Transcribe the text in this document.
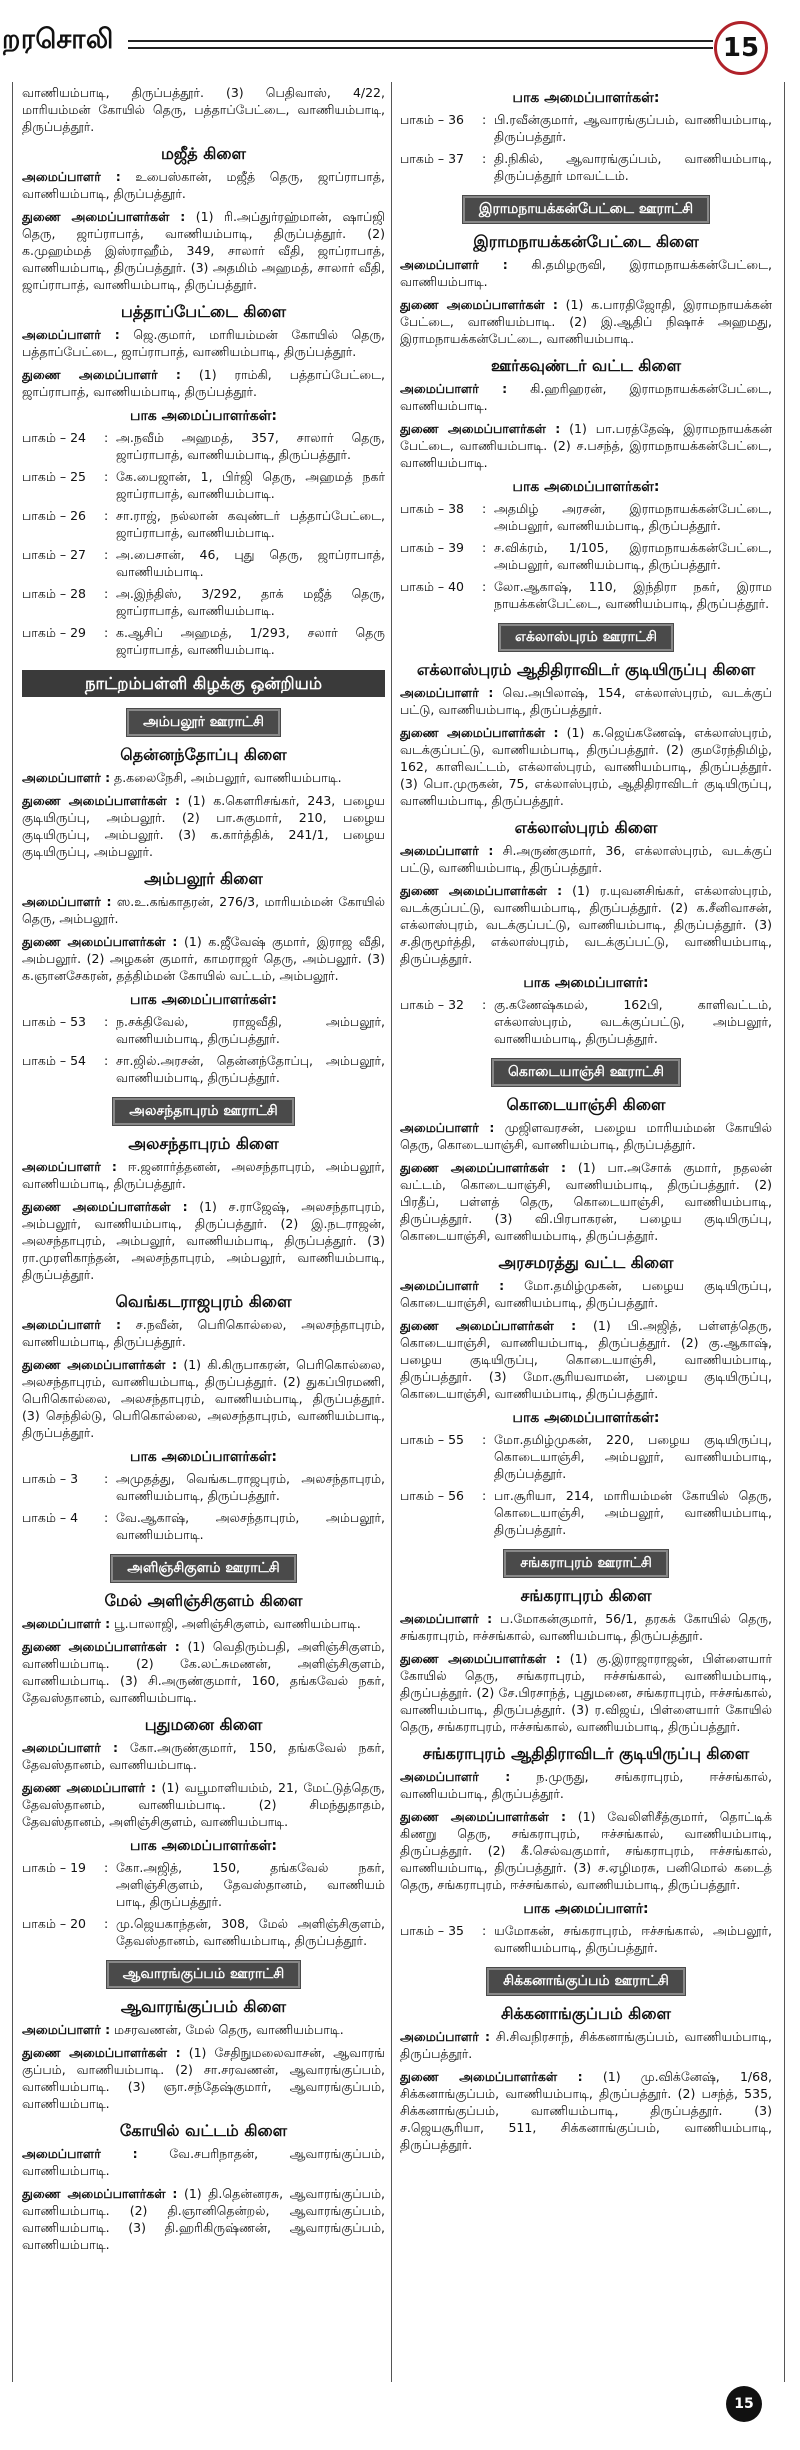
றரசொலி	15

வாணியம்பாடி, திருப்பத்தூர். (3) பெதிவாஸ், 4/22, மாரியம்மன் கோயில் தெரு, பத்தாப்பேட்டை, வாணியம்பாடி, திருப்பத்தூர்.

மஜீத் கிளை

அமைப்பாளர் : உபைஸ்கான், மஜீத் தெரு, ஜாப்ராபாத், வாணியம்பாடி, திருப்பத்தூர்.

துணை அமைப்பாளர்கள் : (1) ரி.அப்துர்ரஹ்மான், ஷாப்ஜி தெரு, ஜாப்ராபாத், வாணியம்பாடி, திருப்பத்தூர். (2) க.முஹம்மத் இஸ்ராஹீம், 349, சாலார் வீதி, ஜாப்ராபாத், வாணியம்பாடி, திருப்பத்தூர். (3) அதமிம் அஹமத், சாலார் வீதி, ஜாப்ராபாத், வாணியம்பாடி, திருப்பத்தூர்.

பத்தாப்பேட்டை கிளை

அமைப்பாளர் : ஜெ.குமார், மாரியம்மன் கோயில் தெரு, பத்தாப்பேட்டை, ஜாப்ராபாத், வாணியம்பாடி, திருப்பத்தூர்.

துணை அமைப்பாளர் : (1) ராம்கி, பத்தாப்பேட்டை, ஜாப்ராபாத், வாணியம்பாடி, திருப்பத்தூர்.

பாக அமைப்பாளர்கள்:
பாகம் – 24	: அ.நவீம் அஹமத், 357, சாலார் தெரு, ஜாப்ராபாத், வாணியம்பாடி, திருப்பத்தூர்.
பாகம் – 25	: கே.பைஜான், 1, பிர்ஜி தெரு, அஹமத் நகர் ஜாப்ராபாத், வாணியம்பாடி.
பாகம் – 26	: சா.ராஜ், நல்லான் கவுண்டர் பத்தாப்பேட்டை, ஜாப்ராபாத், வாணியம்பாடி.
பாகம் – 27	: அ.பைசான், 46, புது தெரு, ஜாப்ராபாத், வாணியம்பாடி.
பாகம் – 28	: அ.இந்திஸ், 3/292, தாக் மஜீத் தெரு, ஜாப்ராபாத், வாணியம்பாடி.
பாகம் – 29	: க.ஆசிப் அஹமத், 1/293, சலார் தெரு ஜாப்ராபாத், வாணியம்பாடி.
நாட்றம்பள்ளி கிழக்கு ஒன்றியம்
அம்பலூர் ஊராட்சி
தென்னந்தோப்பு கிளை

அமைப்பாளர் : த.கலைநேசி, அம்பலூர், வாணியம்பாடி.

துணை அமைப்பாளர்கள் : (1) க.கௌரிசங்கர், 243, பழைய குடியிருப்பு, அம்பலூர். (2) பா.சுகுமார், 210, பழைய குடியிருப்பு, அம்பலூர். (3) க.கார்த்திக், 241/1, பழைய குடியிருப்பு, அம்பலூர்.

அம்பலூர் கிளை

அமைப்பாளர் : ஸ.உ.கங்காதரன், 276/3, மாரியம்மன் கோயில் தெரு, அம்பலூர்.

துணை அமைப்பாளர்கள் : (1) க.ஜீவேஷ் குமார், இராஜ வீதி, அம்பலூர். (2) அழகன் குமார், காமராஜர் தெரு, அம்பலூர். (3) க.ஞானசேகரன், தத்திம்மன் கோயில் வட்டம், அம்பலூர்.

பாக அமைப்பாளர்கள்:
பாகம் – 53	: ந.சக்திவேல், ராஜவீதி, அம்பலூர், வாணியம்பாடி, திருப்பத்தூர்.
பாகம் – 54	: சா.ஜில்.அரசன், தென்னந்தோப்பு, அம்பலூர், வாணியம்பாடி, திருப்பத்தூர்.
அலசந்தாபுரம் ஊராட்சி
அலசந்தாபுரம் கிளை

அமைப்பாளர் : ஈ.ஜனார்த்தனன், அலசந்தாபுரம், அம்பலூர், வாணியம்பாடி, திருப்பத்தூர்.

துணை அமைப்பாளர்கள் : (1) ச.ராஜேஷ், அலசந்தாபுரம், அம்பலூர், வாணியம்பாடி, திருப்பத்தூர். (2) இ.நடராஜன், அலசந்தாபுரம், அம்பலூர், வாணியம்பாடி, திருப்பத்தூர். (3) ரா.முரளிகாந்தன், அலசந்தாபுரம், அம்பலூர், வாணியம்பாடி, திருப்பத்தூர்.

வெங்கடராஜபுரம் கிளை

அமைப்பாளர் : ச.நவீன், பெரிகொல்லை, அலசந்தாபுரம், வாணியம்பாடி, திருப்பத்தூர்.

துணை அமைப்பாளர்கள் : (1) கி.கிருபாகரன், பெரிகொல்லை, அலசந்தாபுரம், வாணியம்பாடி, திருப்பத்தூர். (2) துகப்பிரமணி, பெரிகொல்லை, அலசந்தாபுரம், வாணியம்பாடி, திருப்பத்தூர். (3) செந்தில்டு, பெரிகொல்லை, அலசந்தாபுரம், வாணியம்பாடி, திருப்பத்தூர்.

பாக அமைப்பாளர்கள்:
பாகம் – 3	: அமுதத்து, வெங்கடராஜபுரம், அலசந்தாபுரம், வாணியம்பாடி, திருப்பத்தூர்.
பாகம் – 4	: வே.ஆகாஷ், அலசந்தாபுரம், அம்பலூர், வாணியம்பாடி.
அளிஞ்சிகுளம் ஊராட்சி
மேல் அளிஞ்சிகுளம் கிளை

அமைப்பாளர் : பூ.பாலாஜி, அளிஞ்சிகுளம், வாணியம்பாடி.

துணை அமைப்பாளர்கள் : (1) வெதிரும்பதி, அளிஞ்சிகுளம், வாணியம்பாடி. (2) கே.லட்சுமணன், அளிஞ்சிகுளம், வாணியம்பாடி. (3) சி.அருண்குமார், 160, தங்கவேல் நகர், தேவஸ்தானம், வாணியம்பாடி.

புதுமனை கிளை

அமைப்பாளர் : கோ.அருண்குமார், 150, தங்கவேல் நகர், தேவஸ்தானம், வாணியம்பாடி.

துணை அமைப்பாளர் : (1) வபூமாளியம்ம், 21, மேட்டுத்தெரு, தேவஸ்தானம், வாணியம்பாடி. (2) சிமந்துதாதம், தேவஸ்தானம், அளிஞ்சிகுளம், வாணியம்பாடி.

பாக அமைப்பாளர்கள்:
பாகம் – 19	: கோ.அஜித், 150, தங்கவேல் நகர், அளிஞ்சிகுளம், தேவஸ்தானம், வாணியம் பாடி, திருப்பத்தூர்.
பாகம் – 20	: மு.ஜெயகாந்தன், 308, மேல் அளிஞ்சிகுளம், தேவஸ்தானம், வாணியம்பாடி, திருப்பத்தூர்.
ஆவாரங்குப்பம் ஊராட்சி
ஆவாரங்குப்பம் கிளை

அமைப்பாளர் : மசரவணன், மேல் தெரு, வாணியம்பாடி.

துணை அமைப்பாளர்கள் : (1) சேதிநுமலைவாசன், ஆவாரங் குப்பம், வாணியம்பாடி. (2) சா.சரவணன், ஆவாரங்குப்பம், வாணியம்பாடி. (3) ஞா.சந்தேஷ்குமார், ஆவாரங்குப்பம், வாணியம்பாடி.

கோயில் வட்டம் கிளை

அமைப்பாளர் : வே.சபரிநாதன், ஆவாரங்குப்பம், வாணியம்பாடி.

துணை அமைப்பாளர்கள் : (1) தி.தென்னரசு, ஆவாரங்குப்பம், வாணியம்பாடி. (2) தி.ஞானிதென்றல், ஆவாரங்குப்பம், வாணியம்பாடி. (3) தி.ஹரிகிருஷ்ணன், ஆவாரங்குப்பம், வாணியம்பாடி.

பாக அமைப்பாளர்கள்:
பாகம் – 36	: பி.ரவீன்குமார், ஆவாரங்குப்பம், வாணியம்பாடி, திருப்பத்தூர்.
பாகம் – 37	: தி.நிகில், ஆவாரங்குப்பம், வாணியம்பாடி, திருப்பத்தூர் மாவட்டம்.
இராமநாயக்கன்பேட்டை ஊராட்சி
இராமநாயக்கன்பேட்டை கிளை

அமைப்பாளர் : கி.தமிழருவி, இராமநாயக்கன்பேட்டை, வாணியம்பாடி.

துணை அமைப்பாளர்கள் : (1) க.பாரதிஜோதி, இராமநாயக்கன் பேட்டை, வாணியம்பாடி. (2) இ.ஆதிப் நிஷாச் அஹமது, இராமநாயக்கன்பேட்டை, வாணியம்பாடி.

ஊர்கவுண்டர் வட்ட கிளை

அமைப்பாளர் : கி.ஹரிஹரன், இராமநாயக்கன்பேட்டை, வாணியம்பாடி.

துணை அமைப்பாளர்கள் : (1) பா.பரத்தேஷ், இராமநாயக்கன் பேட்டை, வாணியம்பாடி. (2) ச.பசந்த், இராமநாயக்கன்பேட்டை, வாணியம்பாடி.

பாக அமைப்பாளர்கள்:
பாகம் – 38	: அதமிழ் அரசன், இராமநாயக்கன்பேட்டை, அம்பலூர், வாணியம்பாடி, திருப்பத்தூர்.
பாகம் – 39	: ச.விக்ரம், 1/105, இராமநாயக்கன்பேட்டை, அம்பலூர், வாணியம்பாடி, திருப்பத்தூர்.
பாகம் – 40	: லோ.ஆகாஷ், 110, இந்திரா நகர், இராம நாயக்கன்பேட்டை, வாணியம்பாடி, திருப்பத்தூர்.
எக்லாஸ்புரம் ஊராட்சி
எக்லாஸ்புரம் ஆதிதிராவிடர் குடியிருப்பு கிளை

அமைப்பாளர் : வெ.அபிலாஷ், 154, எக்லாஸ்புரம், வடக்குப் பட்டு, வாணியம்பாடி, திருப்பத்தூர்.

துணை அமைப்பாளர்கள் : (1) க.ஜெய்கணேஷ், எக்லாஸ்புரம், வடக்குப்பட்டு, வாணியம்பாடி, திருப்பத்தூர். (2) குமரேந்திமிழ், 162, காளிவட்டம், எக்லாஸ்புரம், வாணியம்பாடி, திருப்பத்தூர். (3) பொ.முருகன், 75, எக்லாஸ்புரம், ஆதிதிராவிடர் குடியிருப்பு, வாணியம்பாடி, திருப்பத்தூர்.

எக்லாஸ்புரம் கிளை

அமைப்பாளர் : சி.அருண்குமார், 36, எக்லாஸ்புரம், வடக்குப் பட்டு, வாணியம்பாடி, திருப்பத்தூர்.

துணை அமைப்பாளர்கள் : (1) ர.யுவனசிங்கர், எக்லாஸ்புரம், வடக்குப்பட்டு, வாணியம்பாடி, திருப்பத்தூர். (2) க.சீனிவாசன், எக்லாஸ்புரம், வடக்குப்பட்டு, வாணியம்பாடி, திருப்பத்தூர். (3) ச.திருமூர்த்தி, எக்லாஸ்புரம், வடக்குப்பட்டு, வாணியம்பாடி, திருப்பத்தூர்.

பாக அமைப்பாளர்:
பாகம் – 32	: கு.கணேஷ்கமல், 162பி, காளிவட்டம், எக்லாஸ்புரம், வடக்குப்பட்டு, அம்பலூர், வாணியம்பாடி, திருப்பத்தூர்.
கொடையாஞ்சி ஊராட்சி
கொடையாஞ்சி கிளை

அமைப்பாளர் : முஜிளவரசன், பழைய மாரியம்மன் கோயில் தெரு, கொடையாஞ்சி, வாணியம்பாடி, திருப்பத்தூர்.

துணை அமைப்பாளர்கள் : (1) பா.அசோக் குமார், நதலன் வட்டம், கொடையாஞ்சி, வாணியம்பாடி, திருப்பத்தூர். (2) பிரதீப், பள்ளத் தெரு, கொடையாஞ்சி, வாணியம்பாடி, திருப்பத்தூர். (3) வி.பிரபாகரன், பழைய குடியிருப்பு, கொடையாஞ்சி, வாணியம்பாடி, திருப்பத்தூர்.

அரசமரத்து வட்ட கிளை

அமைப்பாளர் : மோ.தமிழ்முகன், பழைய குடியிருப்பு, கொடையாஞ்சி, வாணியம்பாடி, திருப்பத்தூர்.

துணை அமைப்பாளர்கள் : (1) பி.அஜித், பள்ளத்தெரு, கொடையாஞ்சி, வாணியம்பாடி, திருப்பத்தூர். (2) கு.ஆகாஷ், பழைய குடியிருப்பு, கொடையாஞ்சி, வாணியம்பாடி, திருப்பத்தூர். (3) மோ.சூரியவாமன், பழைய குடியிருப்பு, கொடையாஞ்சி, வாணியம்பாடி, திருப்பத்தூர்.

பாக அமைப்பாளர்கள்:
பாகம் – 55	: மோ.தமிழ்முகன், 220, பழைய குடியிருப்பு, கொடையாஞ்சி, அம்பலூர், வாணியம்பாடி, திருப்பத்தூர்.
பாகம் – 56	: பா.சூரியா, 214, மாரியம்மன் கோயில் தெரு, கொடையாஞ்சி, அம்பலூர், வாணியம்பாடி, திருப்பத்தூர்.
சங்கராபுரம் ஊராட்சி
சங்கராபுரம் கிளை

அமைப்பாளர் : ப.மோகன்குமார், 56/1, தரகக் கோயில் தெரு, சங்கராபுரம், ஈச்சங்கால், வாணியம்பாடி, திருப்பத்தூர்.

துணை அமைப்பாளர்கள் : (1) கு.இராஜாராஜன், பிள்ளையார் கோயில் தெரு, சங்கராபுரம், ஈச்சங்கால், வாணியம்பாடி, திருப்பத்தூர். (2) சே.பிரசாந்த், புதுமனை, சங்கராபுரம், ஈச்சங்கால், வாணியம்பாடி, திருப்பத்தூர். (3) ர.விஜய், பிள்ளையார் கோயில் தெரு, சங்கராபுரம், ஈச்சங்கால், வாணியம்பாடி, திருப்பத்தூர்.

சங்கராபுரம் ஆதிதிராவிடர் குடியிருப்பு கிளை

அமைப்பாளர் : ந.முருது, சங்கராபுரம், ஈச்சங்கால், வாணியம்பாடி, திருப்பத்தூர்.

துணை அமைப்பாளர்கள் : (1) வேலிளிசீத்குமார், தொட்டிக் கிணறு தெரு, சங்கராபுரம், ஈச்சங்கால், வாணியம்பாடி, திருப்பத்தூர். (2) கீ.செல்வகுமார், சங்கராபுரம், ஈச்சங்கால், வாணியம்பாடி, திருப்பத்தூர். (3) ச.ஏழிமரசு, பனிமொல் கடைத் தெரு, சங்கராபுரம், ஈச்சங்கால், வாணியம்பாடி, திருப்பத்தூர்.

பாக அமைப்பாளர்:
பாகம் – 35	: யமோகன், சங்கராபுரம், ஈச்சங்கால், அம்பலூர், வாணியம்பாடி, திருப்பத்தூர்.
சிக்கனாங்குப்பம் ஊராட்சி
சிக்கனாங்குப்பம் கிளை

அமைப்பாளர் : சி.சிவநிரசாந், சிக்கனாங்குப்பம், வாணியம்பாடி, திருப்பத்தூர்.

துணை அமைப்பாளர்கள் : (1) மு.விக்னேஷ், 1/68, சிக்கனாங்குப்பம், வாணியம்பாடி, திருப்பத்தூர். (2) பசந்த், 535, சிக்கனாங்குப்பம், வாணியம்பாடி, திருப்பத்தூர். (3) ச.ஜெயசூரியா, 511, சிக்கனாங்குப்பம், வாணியம்பாடி, திருப்பத்தூர்.

15
